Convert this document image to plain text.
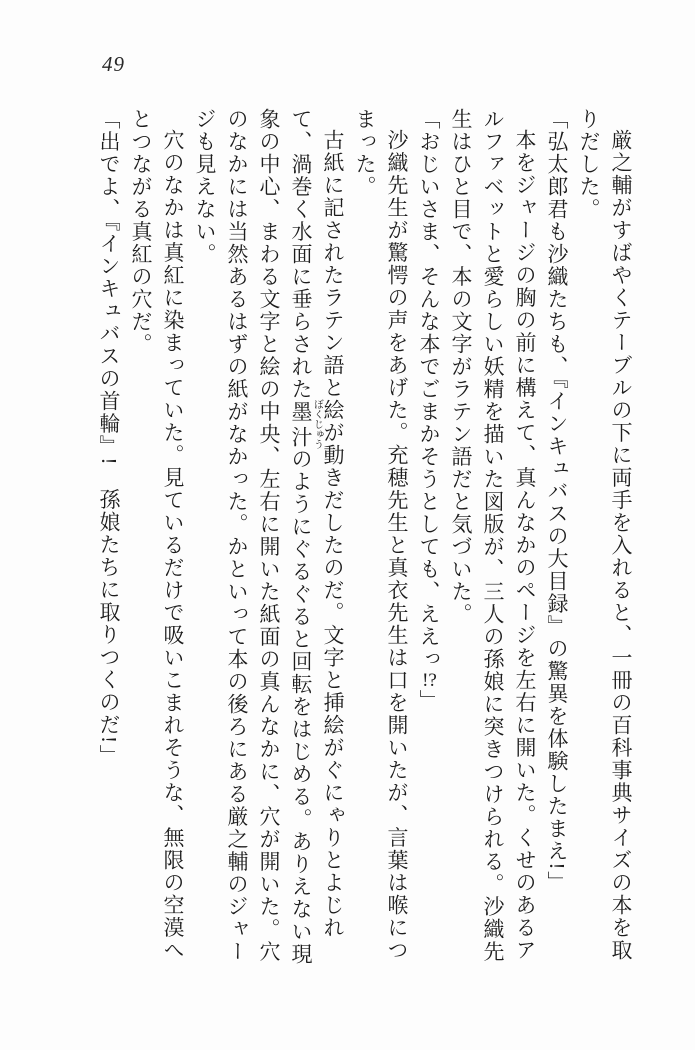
49

厳之輔がすばやくテーブルの下に両手を入れると、一冊の百科事典サイズの本を取りだした。

「弘太郎君も沙織たちも、『インキュバスの大目録』の驚異を体験したまえ!」

本をジャージの胸の前に構えて、真んなかのページを左右に開いた。くせのあるアルファベットと愛らしい妖精を描いた図版が、三人の孫娘に突きつけられる。沙織先生はひと目で、本の文字がラテン語だと気づいた。

「おじいさま、そんな本でごまかそうとしても、ええっ!?」

沙織先生が驚愕の声をあげた。充穂先生と真衣先生は口を開いたが、言葉は喉につまった。

古紙に記されたラテン語と絵が動きだしたのだ。文字と挿絵がぐにゃりとよじれて、渦巻く水面に垂らされた墨汁ぼくじゅうのようにぐるぐると回転をはじめる。ありえない現象の中心、まわる文字と絵の中央、左右に開いた紙面の真んなかに、穴が開いた。穴のなかには当然あるはずの紙がなかった。かといって本の後ろにある厳之輔のジャージも見えない。

穴のなかは真紅に染まっていた。見ているだけで吸いこまれそうな、無限の空漠へとつながる真紅の穴だ。

「出でよ、『インキュバスの首輪』!　孫娘たちに取りつくのだ!」
